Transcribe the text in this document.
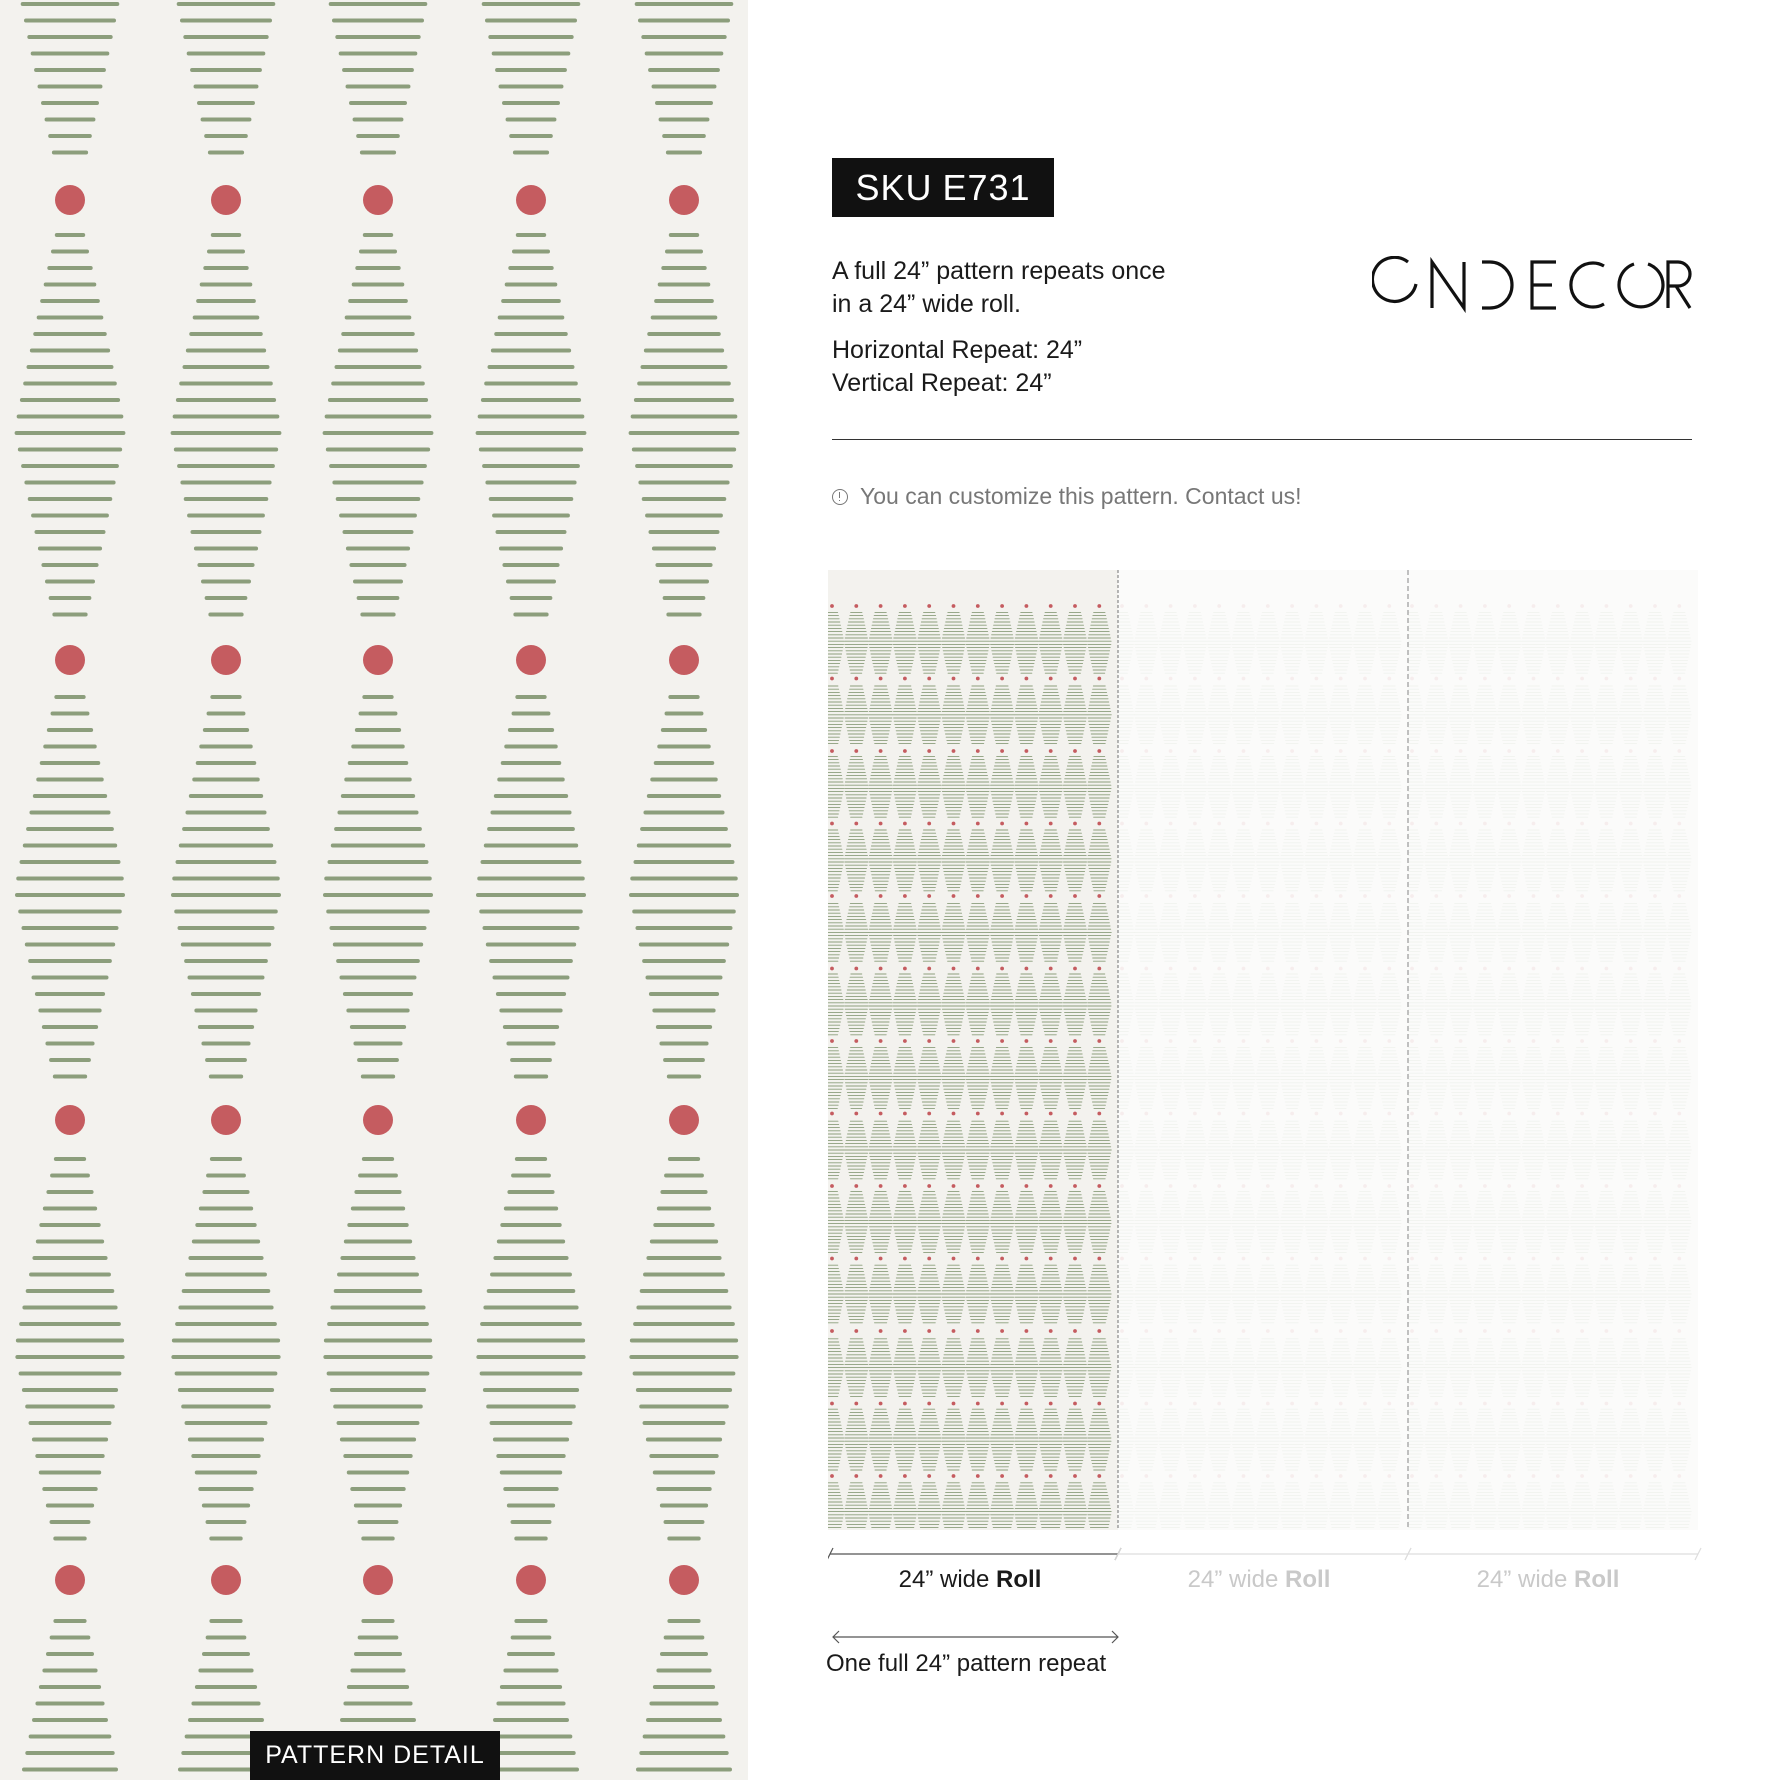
PATTERN DETAIL
SKU E731
A full 24” pattern repeats once
in a 24” wide roll.
Horizontal Repeat: 24”
Vertical Repeat: 24”
You can customize this pattern. Contact us!
24” wide Roll	24” wide Roll	24” wide Roll
One full 24” pattern repeat
